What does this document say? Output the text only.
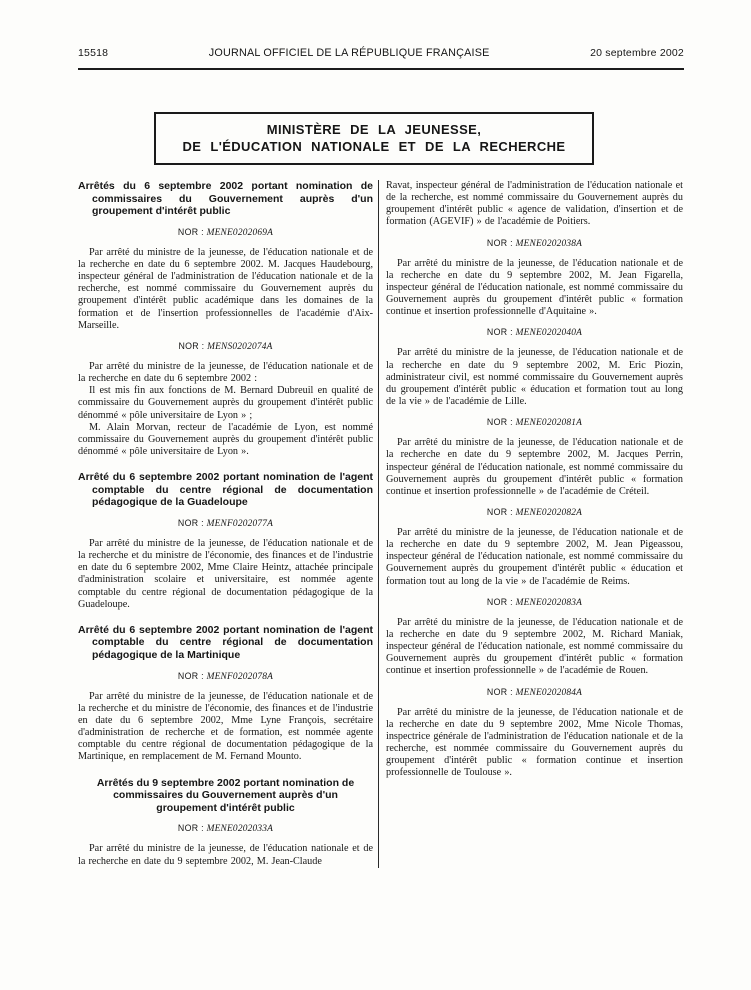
15518	JOURNAL OFFICIEL DE LA RÉPUBLIQUE FRANÇAISE	20 septembre 2002
MINISTÈRE DE LA JEUNESSE,
DE L'ÉDUCATION NATIONALE ET DE LA RECHERCHE
Arrêtés du 6 septembre 2002 portant nomination de commissaires du Gouvernement auprès d'un groupement d'intérêt public

NOR : MENE0202069A

Par arrêté du ministre de la jeunesse, de l'éducation nationale et de la recherche en date du 6 septembre 2002. M. Jacques Haudebourg, inspecteur général de l'administration de l'éducation nationale et de la recherche, est nommé commissaire du Gouvernement auprès du groupement d'intérêt public académique dans les domaines de la formation et de l'insertion professionnelles de l'académie d'Aix-Marseille.

NOR : MENS0202074A

Par arrêté du ministre de la jeunesse, de l'éducation nationale et de la recherche en date du 6 septembre 2002 :

Il est mis fin aux fonctions de M. Bernard Dubreuil en qualité de commissaire du Gouvernement auprès du groupement d'intérêt public dénommé « pôle universitaire de Lyon » ;

M. Alain Morvan, recteur de l'académie de Lyon, est nommé commissaire du Gouvernement auprès du groupement d'intérêt public dénommé « pôle universitaire de Lyon ».

Arrêté du 6 septembre 2002 portant nomination de l'agent comptable du centre régional de documentation pédagogique de la Guadeloupe

NOR : MENF0202077A

Par arrêté du ministre de la jeunesse, de l'éducation nationale et de la recherche et du ministre de l'économie, des finances et de l'industrie en date du 6 septembre 2002, Mme Claire Heintz, attachée principale d'administration scolaire et universitaire, est nommée agente comptable du centre régional de documentation pédagogique de la Guadeloupe.

Arrêté du 6 septembre 2002 portant nomination de l'agent comptable du centre régional de documentation pédagogique de la Martinique

NOR : MENF0202078A

Par arrêté du ministre de la jeunesse, de l'éducation nationale et de la recherche et du ministre de l'économie, des finances et de l'industrie en date du 6 septembre 2002, Mme Lyne François, secrétaire d'administration de recherche et de formation, est nommée agente comptable du centre régional de documentation pédagogique de la Martinique, en remplacement de M. Fernand Mounto.

Arrêtés du 9 septembre 2002 portant nomination de commissaires du Gouvernement auprès d'un groupement d'intérêt public

NOR : MENE0202033A

Par arrêté du ministre de la jeunesse, de l'éducation nationale et de la recherche en date du 9 septembre 2002, M. Jean-Claude

Ravat, inspecteur général de l'administration de l'éducation nationale et de la recherche, est nommé commissaire du Gouvernement auprès du groupement d'intérêt public « agence de validation, d'insertion et de formation (AGEVIF) » de l'académie de Poitiers.

NOR : MENE0202038A

Par arrêté du ministre de la jeunesse, de l'éducation nationale et de la recherche en date du 9 septembre 2002, M. Jean Figarella, inspecteur général de l'éducation nationale, est nommé commissaire du Gouvernement auprès du groupement d'intérêt public « formation continue et insertion professionnelle d'Aquitaine ».

NOR : MENE0202040A

Par arrêté du ministre de la jeunesse, de l'éducation nationale et de la recherche en date du 9 septembre 2002, M. Eric Piozin, administrateur civil, est nommé commissaire du Gouvernement auprès du groupement d'intérêt public « éducation et formation tout au long de la vie » de l'académie de Lille.

NOR : MENE0202081A

Par arrêté du ministre de la jeunesse, de l'éducation nationale et de la recherche en date du 9 septembre 2002, M. Jacques Perrin, inspecteur général de l'éducation nationale, est nommé commissaire du Gouvernement auprès du groupement d'intérêt public « formation continue et insertion professionnelle » de l'académie de Créteil.

NOR : MENE0202082A

Par arrêté du ministre de la jeunesse, de l'éducation nationale et de la recherche en date du 9 septembre 2002, M. Jean Pigeassou, inspecteur général de l'éducation nationale, est nommé commissaire du Gouvernement auprès du groupement d'intérêt public « éducation et formation tout au long de la vie » de l'académie de Reims.

NOR : MENE0202083A

Par arrêté du ministre de la jeunesse, de l'éducation nationale et de la recherche en date du 9 septembre 2002, M. Richard Maniak, inspecteur général de l'éducation nationale, est nommé commissaire du Gouvernement auprès du groupement d'intérêt public « formation continue et insertion professionnelle » de l'académie de Rouen.

NOR : MENE0202084A

Par arrêté du ministre de la jeunesse, de l'éducation nationale et de la recherche en date du 9 septembre 2002, Mme Nicole Thomas, inspectrice générale de l'administration de l'éducation nationale et de la recherche, est nommée commissaire du Gouvernement auprès du groupement d'intérêt public « formation continue et insertion professionnelle de Toulouse ».
